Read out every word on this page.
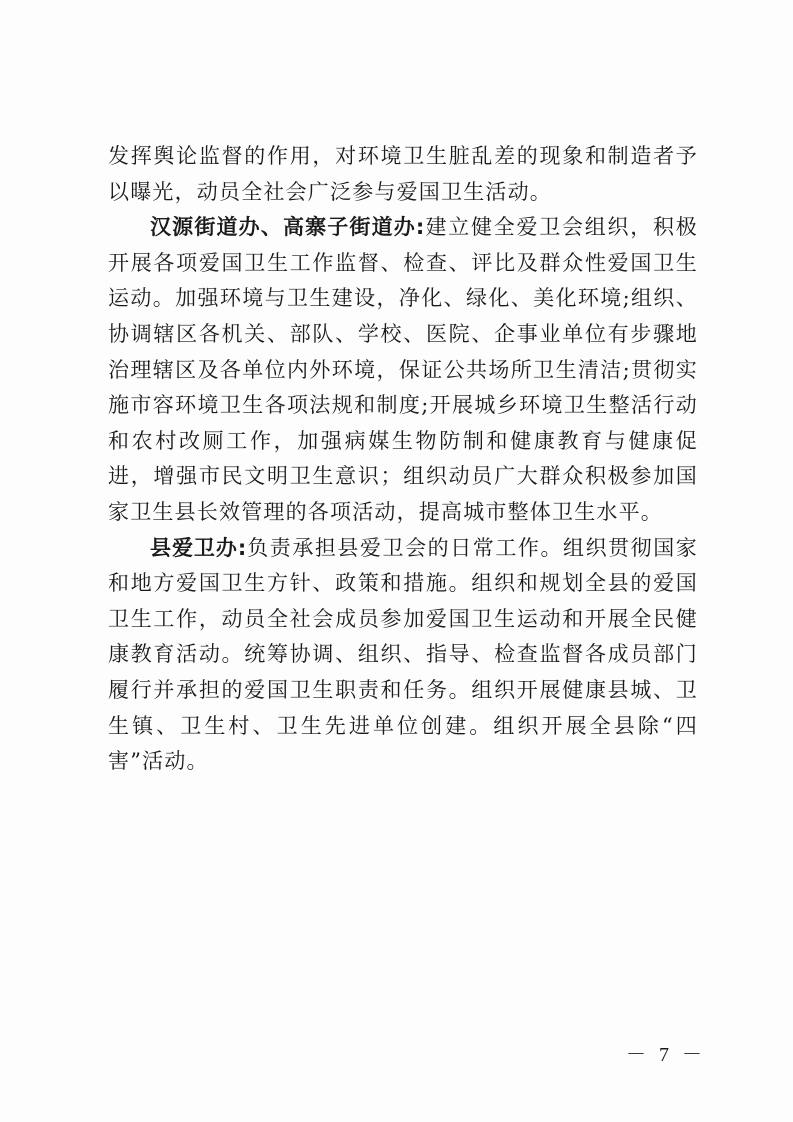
发挥舆论监督的作用，对环境卫生脏乱差的现象和制造者予以曝光，动员全社会广泛参与爱国卫生活动。

汉源街道办、高寨子街道办:建立健全爱卫会组织，积极开展各项爱国卫生工作监督、检查、评比及群众性爱国卫生运动。加强环境与卫生建设，净化、绿化、美化环境;组织、协调辖区各机关、部队、学校、医院、企事业单位有步骤地治理辖区及各单位内外环境，保证公共场所卫生清洁;贯彻实施市容环境卫生各项法规和制度;开展城乡环境卫生整活行动和农村改厕工作，加强病媒生物防制和健康教育与健康促进，增强市民文明卫生意识；组织动员广大群众积极参加国家卫生县长效管理的各项活动，提高城市整体卫生水平。

县爱卫办:负责承担县爱卫会的日常工作。组织贯彻国家和地方爱国卫生方针、政策和措施。组织和规划全县的爱国卫生工作，动员全社会成员参加爱国卫生运动和开展全民健康教育活动。统筹协调、组织、指导、检查监督各成员部门履行并承担的爱国卫生职责和任务。组织开展健康县城、卫生镇、卫生村、卫生先进单位创建。组织开展全县除“四害”活动。

－ 7 －
